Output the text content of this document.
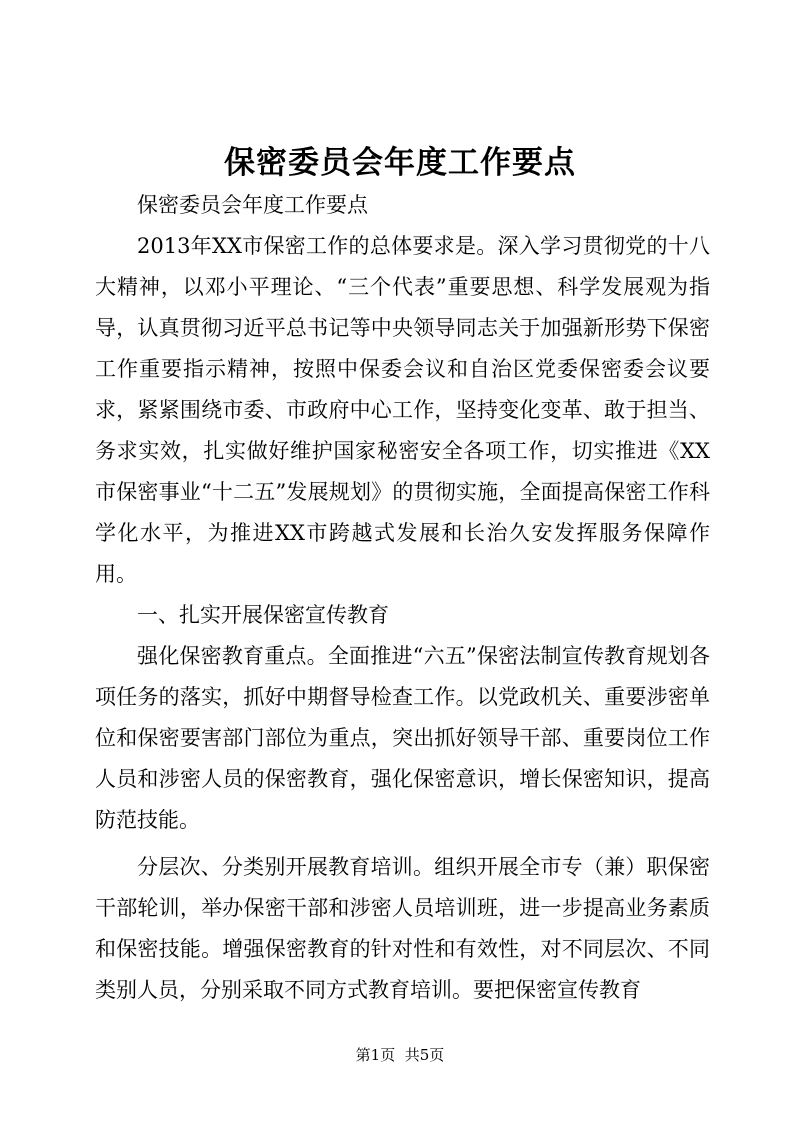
保密委员会年度工作要点

保密委员会年度工作要点

2013年XX市保密工作的总体要求是。深入学习贯彻党的十八大精神，以邓小平理论、“三个代表”重要思想、科学发展观为指导，认真贯彻习近平总书记等中央领导同志关于加强新形势下保密工作重要指示精神，按照中保委会议和自治区党委保密委会议要求，紧紧围绕市委、市政府中心工作，坚持变化变革、敢于担当、务求实效，扎实做好维护国家秘密安全各项工作，切实推进《XX市保密事业“十二五”发展规划》的贯彻实施，全面提高保密工作科学化水平，为推进XX市跨越式发展和长治久安发挥服务保障作用。

一、扎实开展保密宣传教育

强化保密教育重点。全面推进“六五”保密法制宣传教育规划各项任务的落实，抓好中期督导检查工作。以党政机关、重要涉密单位和保密要害部门部位为重点，突出抓好领导干部、重要岗位工作人员和涉密人员的保密教育，强化保密意识，增长保密知识，提高防范技能。

分层次、分类别开展教育培训。组织开展全市专（兼）职保密干部轮训，举办保密干部和涉密人员培训班，进一步提高业务素质和保密技能。增强保密教育的针对性和有效性，对不同层次、不同类别人员，分别采取不同方式教育培训。要把保密宣传教育

第1页 共5页
